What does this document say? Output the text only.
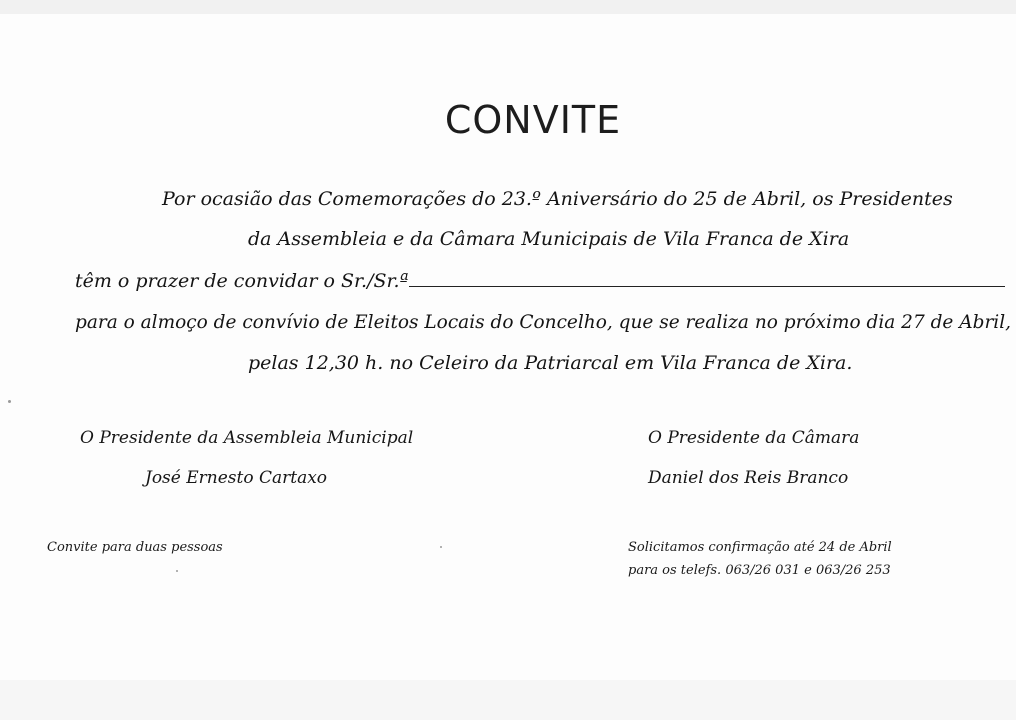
CONVITE
Por ocasião das Comemorações do 23.º Aniversário do 25 de Abril, os Presidentes
da Assembleia e da Câmara Municipais de Vila Franca de Xira
têm o prazer de convidar o Sr./Sr.ª
para o almoço de convívio de Eleitos Locais do Concelho, que se realiza no próximo dia 27 de Abril,
pelas 12,30 h. no Celeiro da Patriarcal em Vila Franca de Xira.
O Presidente da Assembleia Municipal
José Ernesto Cartaxo
O Presidente da Câmara
Daniel dos Reis Branco
Convite para duas pessoas	Solicitamos confirmação até 24 de Abril
para os telefs. 063/26 031 e 063/26 253
